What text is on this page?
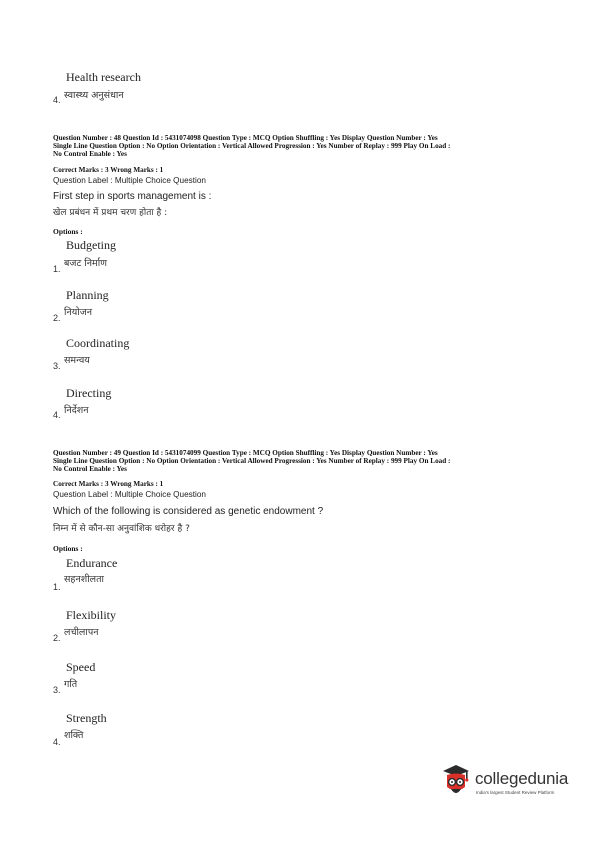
Health research
4. स्वास्थ्य अनुसंधान
Question Number : 48 Question Id : 5431074098 Question Type : MCQ Option Shuffling : Yes Display Question Number : Yes
Single Line Question Option : No Option Orientation : Vertical Allowed Progression : Yes Number of Replay : 999 Play On Load :
No Control Enable : Yes
Correct Marks : 3 Wrong Marks : 1
Question Label : Multiple Choice Question
First step in sports management is :
खेल प्रबंधन में प्रथम चरण होता है :
Options :
Budgeting
1. बजट निर्माण
Planning
2. नियोजन
Coordinating
3. समन्वय
Directing
4. निर्देशन
Question Number : 49 Question Id : 5431074099 Question Type : MCQ Option Shuffling : Yes Display Question Number : Yes
Single Line Question Option : No Option Orientation : Vertical Allowed Progression : Yes Number of Replay : 999 Play On Load :
No Control Enable : Yes
Correct Marks : 3 Wrong Marks : 1
Question Label : Multiple Choice Question
Which of the following is considered as genetic endowment ?
निम्न में से कौन-सा अनुवांशिक धरोहर है ?
Options :
Endurance
1.
सहनशीलता
Flexibility
2. लचीलापन
Speed
3. गति
Strength
4.
शक्ति
collegedunia
India's largest Student Review Platform
